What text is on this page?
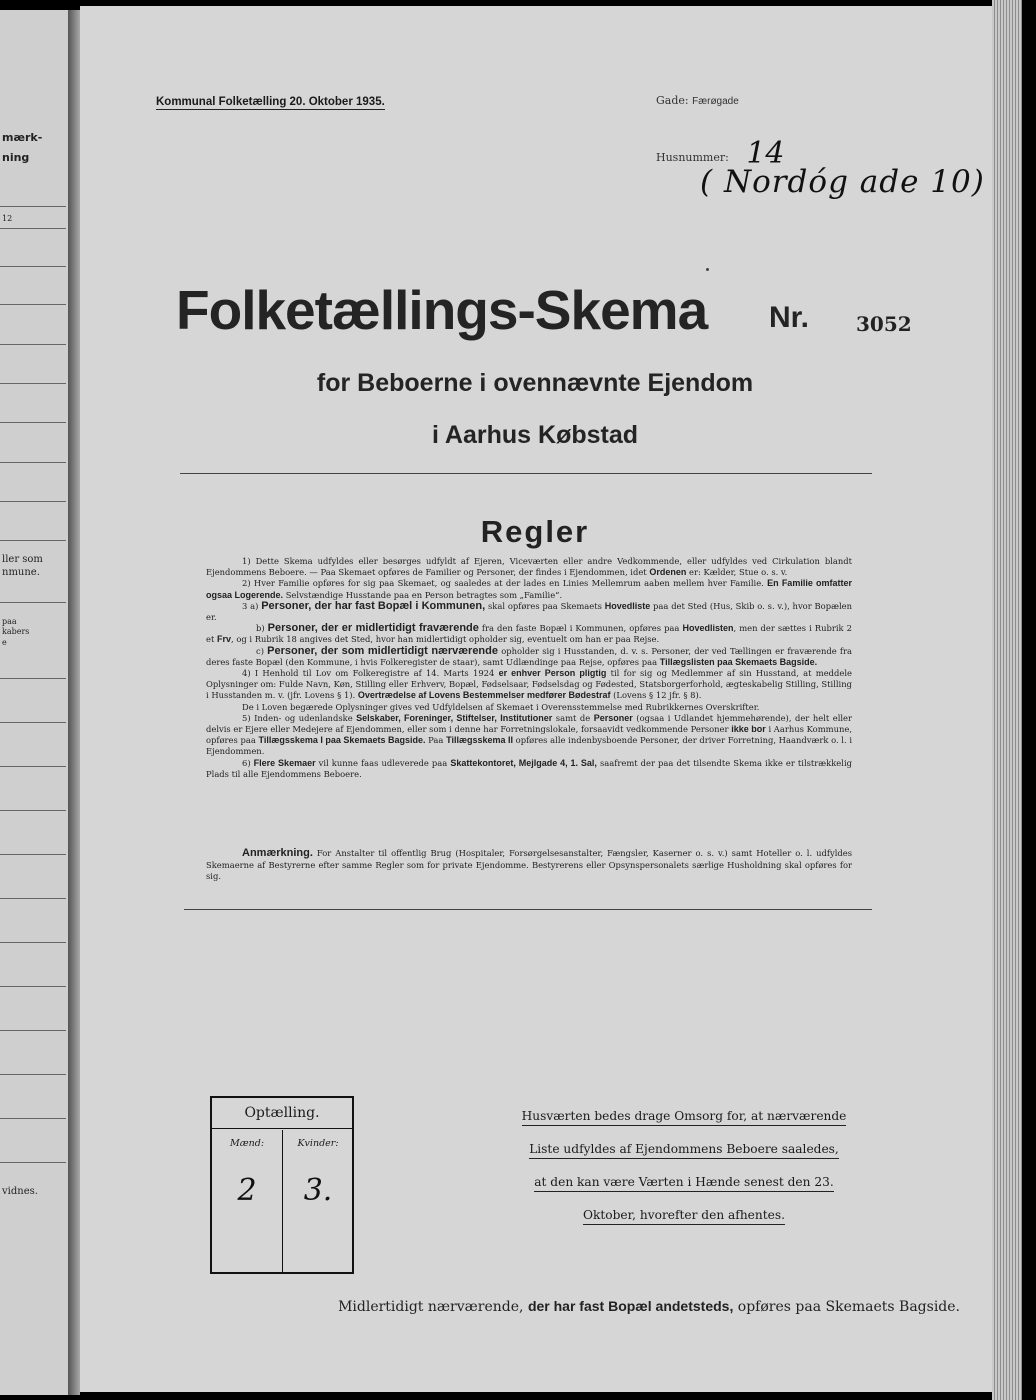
mærk-
ning
12
ller som
nmune.
paa
kabers
e
vidnes.
Kommunal Folketælling 20. Oktober 1935.	Gade: Færøgade
Husnummer: 14
( Nordóg ade 10)
Folketællings-Skema Nr. 3052
for Beboerne i ovennævnte Ejendom
i Aarhus Købstad
Regler

1) Dette Skema udfyldes eller besørges udfyldt af Ejeren, Viceværten eller andre Vedkommende, eller udfyldes ved Cirkulation blandt Ejendommens Beboere. — Paa Skemaet opføres de Familier og Personer, der findes i Ejendommen, idet Ordenen er: Kælder, Stue o. s. v.

2) Hver Familie opføres for sig paa Skemaet, og saaledes at der lades en Linies Mellemrum aaben mellem hver Familie. En Familie omfatter ogsaa Logerende. Selvstændige Husstande paa en Person betragtes som „Familie“.

3 a) Personer, der har fast Bopæl i Kommunen, skal opføres paa Skemaets Hovedliste paa det Sted (Hus, Skib o. s. v.), hvor Bopælen er.

b) Personer, der er midlertidigt fraværende fra den faste Bopæl i Kommunen, opføres paa Hovedlisten, men der sættes i Rubrik 2 et Frv, og i Rubrik 18 angives det Sted, hvor han midlertidigt opholder sig, eventuelt om han er paa Rejse.

c) Personer, der som midlertidigt nærværende opholder sig i Husstanden, d. v. s. Personer, der ved Tællingen er fraværende fra deres faste Bopæl (den Kommune, i hvis Folkeregister de staar), samt Udlændinge paa Rejse, opføres paa Tillægslisten paa Skemaets Bagside.

4) I Henhold til Lov om Folkeregistre af 14. Marts 1924 er enhver Person pligtig til for sig og Medlemmer af sin Husstand, at meddele Oplysninger om: Fulde Navn, Køn, Stilling eller Erhverv, Bopæl, Fødselsaar, Fødselsdag og Fødested, Statsborgerforhold, ægteskabelig Stilling, Stilling i Husstanden m. v. (jfr. Lovens § 1). Overtrædelse af Lovens Bestemmelser medfører Bødestraf (Lovens § 12 jfr. § 8).

De i Loven begærede Oplysninger gives ved Udfyldelsen af Skemaet i Overensstemmelse med Rubrikkernes Overskrifter.

5) Inden- og udenlandske Selskaber, Foreninger, Stiftelser, Institutioner samt de Personer (ogsaa i Udlandet hjemmehørende), der helt eller delvis er Ejere eller Medejere af Ejendommen, eller som i denne har Forretningslokale, forsaavidt vedkommende Personer ikke bor i Aarhus Kommune, opføres paa Tillægsskema I paa Skemaets Bagside. Paa Tillægsskema II opføres alle indenbysboende Personer, der driver Forretning, Haandværk o. l. i Ejendommen.

6) Flere Skemaer vil kunne faas udleverede paa Skattekontoret, Mejlgade 4, 1. Sal, saafremt der paa det tilsendte Skema ikke er tilstrækkelig Plads til alle Ejendommens Beboere.

Anmærkning. For Anstalter til offentlig Brug (Hospitaler, Forsørgelsesanstalter, Fængsler, Kaserner o. s. v.) samt Hoteller o. l. udfyldes Skemaerne af Bestyrerne efter samme Regler som for private Ejendomme. Bestyrerens eller Opsynspersonalets særlige Husholdning skal opføres for sig.

Optælling.
Mænd:
2
Kvinder:
3.
Husværten bedes drage Omsorg for, at nærværende
Liste udfyldes af Ejendommens Beboere saaledes,
at den kan være Værten i Hænde senest den 23.
Oktober, hvorefter den afhentes.
Midlertidigt nærværende, der har fast Bopæl andetsteds, opføres paa Skemaets Bagside.
